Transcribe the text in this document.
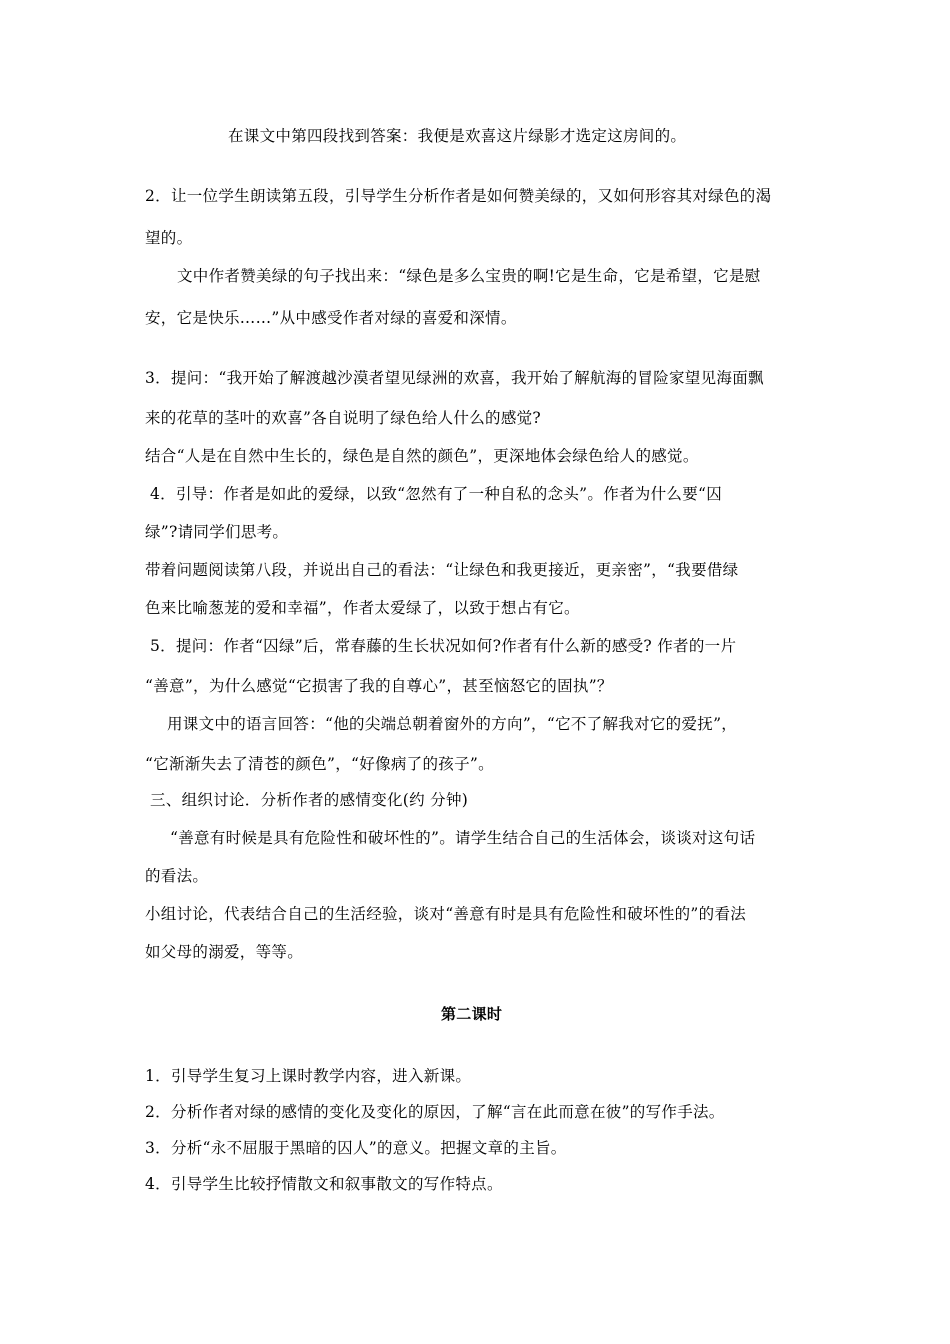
在课文中第四段找到答案：我便是欢喜这片绿影才选定这房间的。
2．让一位学生朗读第五段，引导学生分析作者是如何赞美绿的，又如何形容其对绿色的渴
望的。
文中作者赞美绿的句子找出来：“绿色是多么宝贵的啊!它是生命，它是希望，它是慰
安，它是快乐……”从中感受作者对绿的喜爱和深情。
3．提问：“我开始了解渡越沙漠者望见绿洲的欢喜，我开始了解航海的冒险家望见海面飘
来的花草的茎叶的欢喜”各自说明了绿色给人什么的感觉?
结合“人是在自然中生长的，绿色是自然的颜色”，更深地体会绿色给人的感觉。
4．引导：作者是如此的爱绿，以致“忽然有了一种自私的念头”。作者为什么要“囚
绿”?请同学们思考。
带着问题阅读第八段，并说出自己的看法：“让绿色和我更接近，更亲密”，“我要借绿
色来比喻葱茏的爱和幸福”，作者太爱绿了，以致于想占有它。
5．提问：作者“囚绿”后，常春藤的生长状况如何?作者有什么新的感受? 作者的一片
“善意”，为什么感觉“它损害了我的自尊心”，甚至恼怒它的固执”？
用课文中的语言回答：“他的尖端总朝着窗外的方向”，“它不了解我对它的爱抚”，
“它渐渐失去了清苍的颜色”，“好像病了的孩子”。
三、组织讨论．分析作者的感情变化(约 分钟)
“善意有时候是具有危险性和破坏性的”。请学生结合自己的生活体会，谈谈对这句话
的看法。
小组讨论，代表结合自己的生活经验，谈对“善意有时是具有危险性和破坏性的”的看法
如父母的溺爱，等等。
第二课时
1．引导学生复习上课时教学内容，进入新课。
2．分析作者对绿的感情的变化及变化的原因，了解“言在此而意在彼”的写作手法。
3．分析“永不屈服于黑暗的囚人”的意义。把握文章的主旨。
4．引导学生比较抒情散文和叙事散文的写作特点。
